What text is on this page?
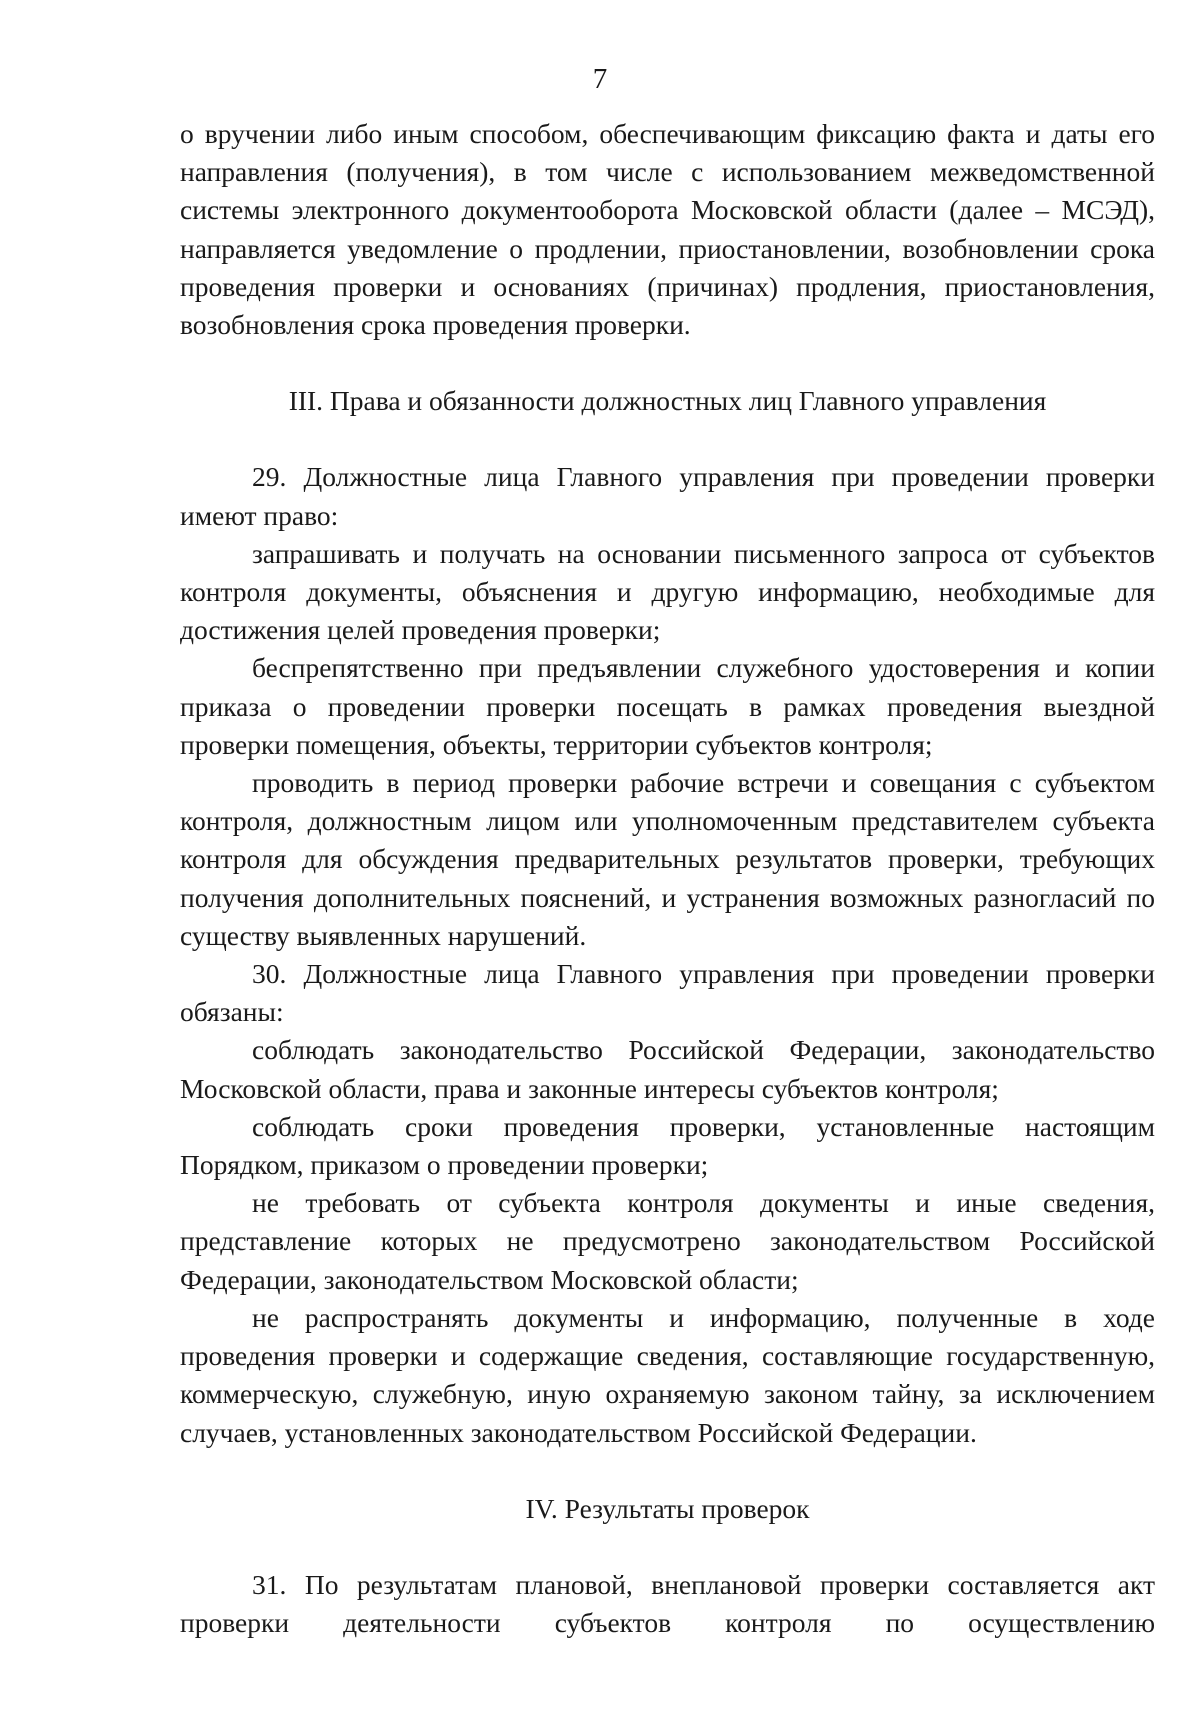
7

о вручении либо иным способом, обеспечивающим фиксацию факта и даты его направления (получения), в том числе с использованием межведомственной системы электронного документооборота Московской области (далее – МСЭД), направляется уведомление о продлении, приостановлении, возобновлении срока проведения проверки и основаниях (причинах) продления, приостановления, возобновления срока проведения проверки.

III. Права и обязанности должностных лиц Главного управления

29. Должностные лица Главного управления при проведении проверки имеют право:

запрашивать и получать на основании письменного запроса от субъектов контроля документы, объяснения и другую информацию, необходимые для достижения целей проведения проверки;

беспрепятственно при предъявлении служебного удостоверения и копии приказа о проведении проверки посещать в рамках проведения выездной проверки помещения, объекты, территории субъектов контроля;

проводить в период проверки рабочие встречи и совещания с субъектом контроля, должностным лицом или уполномоченным представителем субъекта контроля для обсуждения предварительных результатов проверки, требующих получения дополнительных пояснений, и устранения возможных разногласий по существу выявленных нарушений.

30. Должностные лица Главного управления при проведении проверки обязаны:

соблюдать законодательство Российской Федерации, законодательство Московской области, права и законные интересы субъектов контроля;

соблюдать сроки проведения проверки, установленные настоящим Порядком, приказом о проведении проверки;

не требовать от субъекта контроля документы и иные сведения, представление которых не предусмотрено законодательством Российской Федерации, законодательством Московской области;

не распространять документы и информацию, полученные в ходе проведения проверки и содержащие сведения, составляющие государственную, коммерческую, служебную, иную охраняемую законом тайну, за исключением случаев, установленных законодательством Российской Федерации.

IV. Результаты проверок

31. По результатам плановой, внеплановой проверки составляется акт проверки деятельности субъектов контроля по осуществлению
